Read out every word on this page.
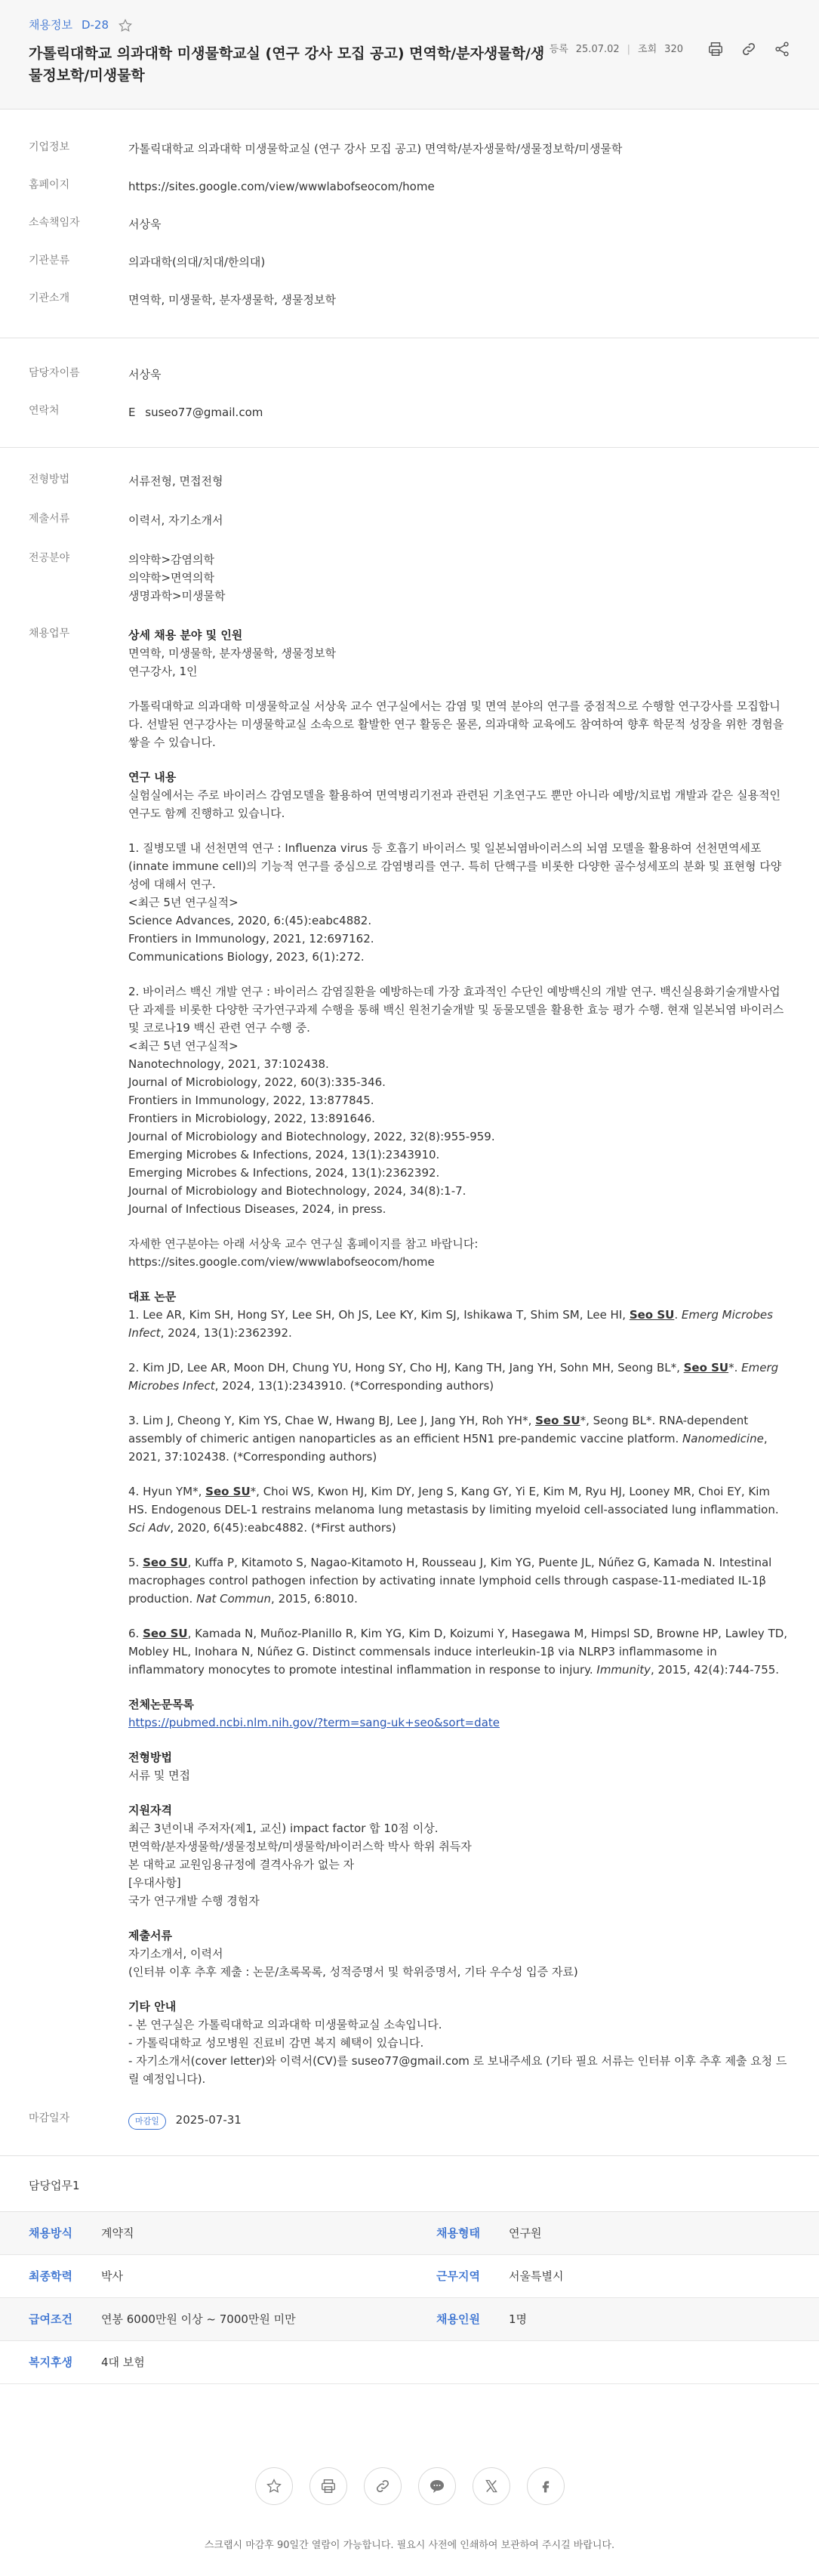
채용정보 D-28
가톨릭대학교 의과대학 미생물학교실 (연구 강사 모집 공고) 면역학/분자생물학/생물정보학/미생물학
등록 25.07.02 | 조회 320
기업정보	가톨릭대학교 의과대학 미생물학교실 (연구 강사 모집 공고) 면역학/분자생물학/생물정보학/미생물학
홈페이지	https://sites.google.com/view/wwwlabofseocom/home
소속책임자	서상욱
기관분류	의과대학(의대/치대/한의대)
기관소개	면역학, 미생물학, 분자생물학, 생물정보학
담당자이름	서상욱
연락처	E suseo77@gmail.com
전형방법	서류전형, 면접전형
제출서류	이력서, 자기소개서
전공분야	의약학>감염의학

의약학>면역의학

생명과학>미생물학

채용업무	상세 채용 분야 및 인원

면역학, 미생물학, 분자생물학, 생물정보학

연구강사, 1인

가톨릭대학교 의과대학 미생물학교실 서상욱 교수 연구실에서는 감염 및 면역 분야의 연구를 중점적으로 수행할 연구강사를 모집합니다. 선발된 연구강사는 미생물학교실 소속으로 활발한 연구 활동은 물론, 의과대학 교육에도 참여하여 향후 학문적 성장을 위한 경험을 쌓을 수 있습니다.

연구 내용

실험실에서는 주로 바이러스 감염모델을 활용하여 면역병리기전과 관련된 기초연구도 뿐만 아니라 예방/치료법 개발과 같은 실용적인 연구도 함께 진행하고 있습니다.

1. 질병모델 내 선천면역 연구 : Influenza virus 등 호흡기 바이러스 및 일본뇌염바이러스의 뇌염 모델을 활용하여 선천면역세포(innate immune cell)의 기능적 연구를 중심으로 감염병리를 연구. 특히 단핵구를 비롯한 다양한 골수성세포의 분화 및 표현형 다양성에 대해서 연구.

<최근 5년 연구실적>

Science Advances, 2020, 6:(45):eabc4882.

Frontiers in Immunology, 2021, 12:697162.

Communications Biology, 2023, 6(1):272.

2. 바이러스 백신 개발 연구 : 바이러스 감염질환을 예방하는데 가장 효과적인 수단인 예방백신의 개발 연구. 백신실용화기술개발사업단 과제를 비롯한 다양한 국가연구과제 수행을 통해 백신 원천기술개발 및 동물모델을 활용한 효능 평가 수행. 현재 일본뇌염 바이러스 및 코로나19 백신 관련 연구 수행 중.

<최근 5년 연구실적>

Nanotechnology, 2021, 37:102438.

Journal of Microbiology, 2022, 60(3):335-346.

Frontiers in Immunology, 2022, 13:877845.

Frontiers in Microbiology, 2022, 13:891646.

Journal of Microbiology and Biotechnology, 2022, 32(8):955-959.

Emerging Microbes & Infections, 2024, 13(1):2343910.

Emerging Microbes & Infections, 2024, 13(1):2362392.

Journal of Microbiology and Biotechnology, 2024, 34(8):1-7.

Journal of Infectious Diseases, 2024, in press.

자세한 연구분야는 아래 서상욱 교수 연구실 홈페이지를 참고 바랍니다:

https://sites.google.com/view/wwwlabofseocom/home

대표 논문

1. Lee AR, Kim SH, Hong SY, Lee SH, Oh JS, Lee KY, Kim SJ, Ishikawa T, Shim SM, Lee HI, Seo SU. Emerg Microbes Infect, 2024, 13(1):2362392.

2. Kim JD, Lee AR, Moon DH, Chung YU, Hong SY, Cho HJ, Kang TH, Jang YH, Sohn MH, Seong BL*, Seo SU*. Emerg Microbes Infect, 2024, 13(1):2343910. (*Corresponding authors)

3. Lim J, Cheong Y, Kim YS, Chae W, Hwang BJ, Lee J, Jang YH, Roh YH*, Seo SU*, Seong BL*. RNA-dependent assembly of chimeric antigen nanoparticles as an efficient H5N1 pre-pandemic vaccine platform. Nanomedicine, 2021, 37:102438. (*Corresponding authors)

4. Hyun YM*, Seo SU*, Choi WS, Kwon HJ, Kim DY, Jeng S, Kang GY, Yi E, Kim M, Ryu HJ, Looney MR, Choi EY, Kim HS. Endogenous DEL-1 restrains melanoma lung metastasis by limiting myeloid cell-associated lung inflammation. Sci Adv, 2020, 6(45):eabc4882. (*First authors)

5. Seo SU, Kuffa P, Kitamoto S, Nagao-Kitamoto H, Rousseau J, Kim YG, Puente JL, Núñez G, Kamada N. Intestinal macrophages control pathogen infection by activating innate lymphoid cells through caspase-11-mediated IL-1β production. Nat Commun, 2015, 6:8010.

6. Seo SU, Kamada N, Muñoz-Planillo R, Kim YG, Kim D, Koizumi Y, Hasegawa M, Himpsl SD, Browne HP, Lawley TD, Mobley HL, Inohara N, Núñez G. Distinct commensals induce interleukin-1β via NLRP3 inflammasome in inflammatory monocytes to promote intestinal inflammation in response to injury. Immunity, 2015, 42(4):744-755.

전체논문목록

https://pubmed.ncbi.nlm.nih.gov/?term=sang-uk+seo&sort=date

전형방법

서류 및 면접

지원자격

최근 3년이내 주저자(제1, 교신) impact factor 합 10점 이상.

면역학/분자생물학/생물정보학/미생물학/바이러스학 박사 학위 취득자

본 대학교 교원임용규정에 결격사유가 없는 자

[우대사항]

국가 연구개발 수행 경험자

제출서류

자기소개서, 이력서

(인터뷰 이후 추후 제출 : 논문/초록목록, 성적증명서 및 학위증명서, 기타 우수성 입증 자료)

기타 안내

- 본 연구실은 가톨릭대학교 의과대학 미생물학교실 소속입니다.

- 가톨릭대학교 성모병원 진료비 감면 복지 혜택이 있습니다.

- 자기소개서(cover letter)와 이력서(CV)를 suseo77@gmail.com 로 보내주세요 (기타 필요 서류는 인터뷰 이후 추후 제출 요청 드릴 예정입니다).

마감일자	마감일 2025-07-31
담당업무1
채용방식	계약직	채용형태	연구원
최종학력	박사	근무지역	서울특별시
급여조건	연봉 6000만원 이상 ~ 7000만원 미만	채용인원	1명
복지후생	4대 보험
스크랩시 마감후 90일간 열람이 가능합니다. 필요시 사전에 인쇄하여 보관하여 주시길 바랍니다.
